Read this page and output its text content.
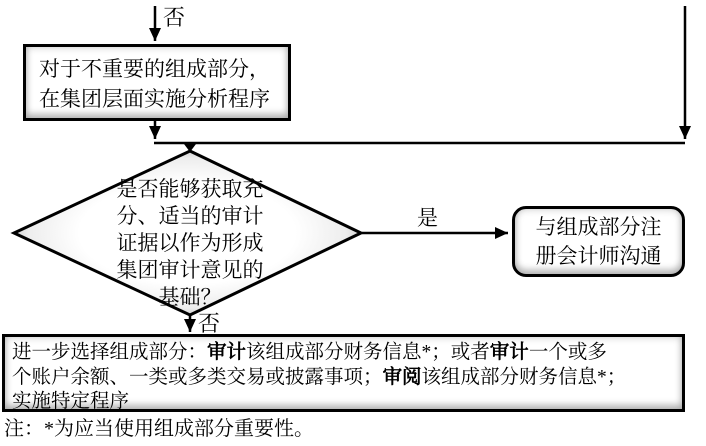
否
对于不重要的组成部分，
在集团层面实施分析程序
是否能够获取充
分、适当的审计
证据以作为形成
集团审计意见的
基础？
是
否
与组成部分注
册会计师沟通
进一步选择组成部分：审计该组成部分财务信息*；或者审计一个或多
个账户余额、一类或多类交易或披露事项；审阅该组成部分财务信息*；
实施特定程序
注：*为应当使用组成部分重要性。
